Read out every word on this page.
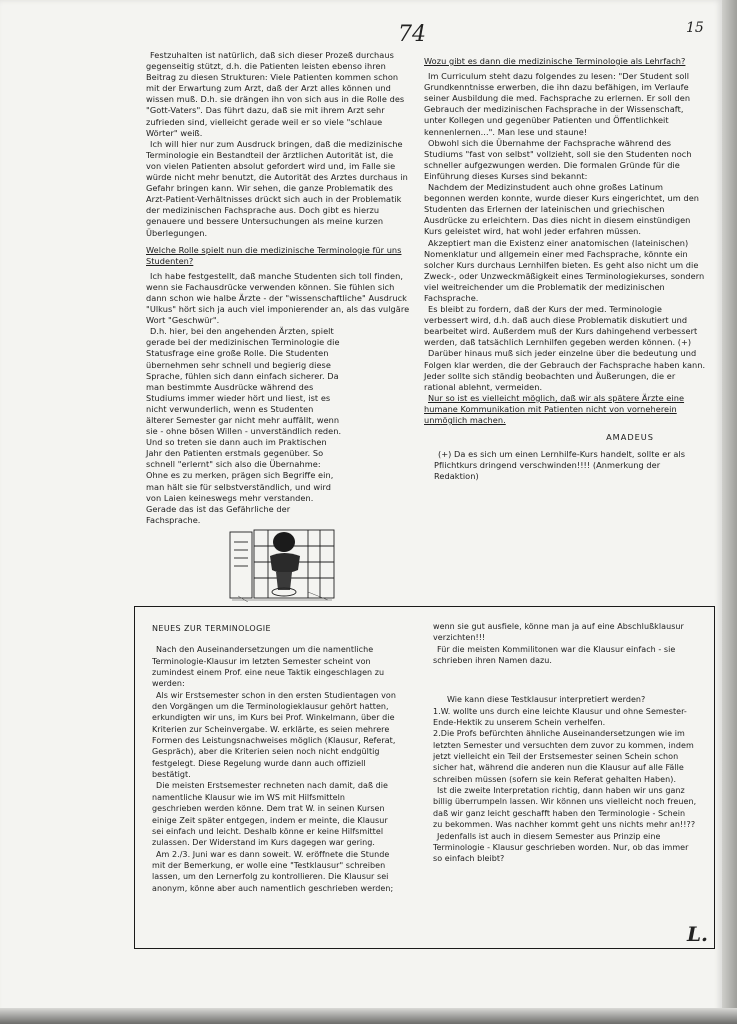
74	15

Festzuhalten ist natürlich, daß sich dieser Prozeß durchaus gegenseitig stützt, d.h. die Patienten leisten ebenso ihren Beitrag zu diesen Strukturen: Viele Patienten kommen schon mit der Erwartung zum Arzt, daß der Arzt alles können und wissen muß. D.h. sie drängen ihn von sich aus in die Rolle des "Gott-Vaters". Das führt dazu, daß sie mit ihrem Arzt sehr zufrieden sind, vielleicht gerade weil er so viele "schlaue Wörter" weiß.

Ich will hier nur zum Ausdruck bringen, daß die medizinische Terminologie ein Bestandteil der ärztlichen Autorität ist, die von vielen Patienten absolut gefordert wird und, im Falle sie würde nicht mehr benutzt, die Autorität des Arztes durchaus in Gefahr bringen kann. Wir sehen, die ganze Problematik des Arzt-Patient-Verhältnisses drückt sich auch in der Problematik der medizinischen Fachsprache aus. Doch gibt es hierzu genauere und bessere Untersuchungen als meine kurzen Überlegungen.

Welche Rolle spielt nun die medizinische Terminologie für uns Studenten?

Ich habe festgestellt, daß manche Studenten sich toll finden, wenn sie Fachausdrücke verwenden können. Sie fühlen sich dann schon wie halbe Ärzte - der "wissenschaftliche" Ausdruck "Ulkus" hört sich ja auch viel imponierender an, als das vulgäre Wort "Geschwür".

D.h. hier, bei den angehenden Ärzten, spielt gerade bei der medizinischen Terminologie die Statusfrage eine große Rolle. Die Studenten übernehmen sehr schnell und begierig diese Sprache, fühlen sich dann einfach sicherer. Da man bestimmte Ausdrücke während des Studiums immer wieder hört und liest, ist es nicht verwunderlich, wenn es Studenten älterer Semester gar nicht mehr auffällt, wenn sie - ohne bösen Willen - unverständlich reden. Und so treten sie dann auch im Praktischen Jahr den Patienten erstmals gegenüber. So schnell "erlernt" sich also die Übernahme: Ohne es zu merken, prägen sich Begriffe ein, man hält sie für selbstverständlich, und wird von Laien keineswegs mehr verstanden. Gerade das ist das Gefährliche der Fachsprache.

Wozu gibt es dann die medizinische Terminologie als Lehrfach?

Im Curriculum steht dazu folgendes zu lesen: "Der Student soll Grundkenntnisse erwerben, die ihn dazu befähigen, im Verlaufe seiner Ausbildung die med. Fachsprache zu erlernen. Er soll den Gebrauch der medizinischen Fachsprache in der Wissenschaft, unter Kollegen und gegenüber Patienten und Öffentlichkeit kennenlernen...". Man lese und staune!

Obwohl sich die Übernahme der Fachsprache während des Studiums "fast von selbst" vollzieht, soll sie den Studenten noch schneller aufgezwungen werden. Die formalen Gründe für die Einführung dieses Kurses sind bekannt:

Nachdem der Medizinstudent auch ohne großes Latinum begonnen werden konnte, wurde dieser Kurs eingerichtet, um den Studenten das Erlernen der lateinischen und griechischen Ausdrücke zu erleichtern. Das dies nicht in diesem einstündigen Kurs geleistet wird, hat wohl jeder erfahren müssen.

Akzeptiert man die Existenz einer anatomischen (lateinischen) Nomenklatur und allgemein einer med Fachsprache, könnte ein solcher Kurs durchaus Lernhilfen bieten. Es geht also nicht um die Zweck-, oder Unzweckmäßigkeit eines Terminologiekurses, sondern viel weitreichender um die Problematik der medizinischen Fachsprache.

Es bleibt zu fordern, daß der Kurs der med. Terminologie verbessert wird, d.h. daß auch diese Problematik diskutiert und bearbeitet wird. Außerdem muß der Kurs dahingehend verbessert werden, daß tatsächlich Lernhilfen gegeben werden können. (+)

Darüber hinaus muß sich jeder einzelne über die bedeutung und Folgen klar werden, die der Gebrauch der Fachsprache haben kann. Jeder sollte sich ständig beobachten und Äußerungen, die er rational ablehnt, vermeiden.

Nur so ist es vielleicht möglich, daß wir als spätere Ärzte eine humane Kommunikation mit Patienten nicht von vorneherein unmöglich machen.

AMADEUS

(+) Da es sich um einen Lernhilfe-Kurs handelt, sollte er als Pflichtkurs dringend verschwinden!!!! (Anmerkung der Redaktion)

NEUES ZUR TERMINOLOGIE

Nach den Auseinandersetzungen um die namentliche Terminologie-Klausur im letzten Semester scheint von zumindest einem Prof. eine neue Taktik eingeschlagen zu werden:

Als wir Erstsemester schon in den ersten Studientagen von den Vorgängen um die Terminologieklausur gehört hatten, erkundigten wir uns, im Kurs bei Prof. Winkelmann, über die Kriterien zur Scheinvergabe. W. erklärte, es seien mehrere Formen des Leistungsnachweises möglich (Klausur, Referat, Gespräch), aber die Kriterien seien noch nicht endgültig festgelegt. Diese Regelung wurde dann auch offiziell bestätigt.

Die meisten Erstsemester rechneten nach damit, daß die namentliche Klausur wie im WS mit Hilfsmitteln geschrieben werden könne. Dem trat W. in seinen Kursen einige Zeit später entgegen, indem er meinte, die Klausur sei einfach und leicht. Deshalb könne er keine Hilfsmittel zulassen. Der Widerstand im Kurs dagegen war gering.

Am 2./3. Juni war es dann soweit. W. eröffnete die Stunde mit der Bemerkung, er wolle eine "Testklausur" schreiben lassen, um den Lernerfolg zu kontrollieren. Die Klausur sei anonym, könne aber auch namentlich geschrieben werden;

wenn sie gut ausfiele, könne man ja auf eine Abschlußklausur verzichten!!!

Für die meisten Kommilitonen war die Klausur einfach - sie schrieben ihren Namen dazu.

Wie kann diese Testklausur interpretiert werden?

1.W. wollte uns durch eine leichte Klausur und ohne Semester-Ende-Hektik zu unserem Schein verhelfen.

2.Die Profs befürchten ähnliche Auseinandersetzungen wie im letzten Semester und versuchten dem zuvor zu kommen, indem jetzt vielleicht ein Teil der Erstsemester seinen Schein schon sicher hat, während die anderen nun die Klausur auf alle Fälle schreiben müssen (sofern sie kein Referat gehalten Haben).

Ist die zweite Interpretation richtig, dann haben wir uns ganz billig überrumpeln lassen. Wir können uns vielleicht noch freuen, daß wir ganz leicht geschafft haben den Terminologie - Schein zu bekommen. Was nachher kommt geht uns nichts mehr an!!??

Jedenfalls ist auch in diesem Semester aus Prinzip eine Terminologie - Klausur geschrieben worden. Nur, ob das immer so einfach bleibt?

L.
